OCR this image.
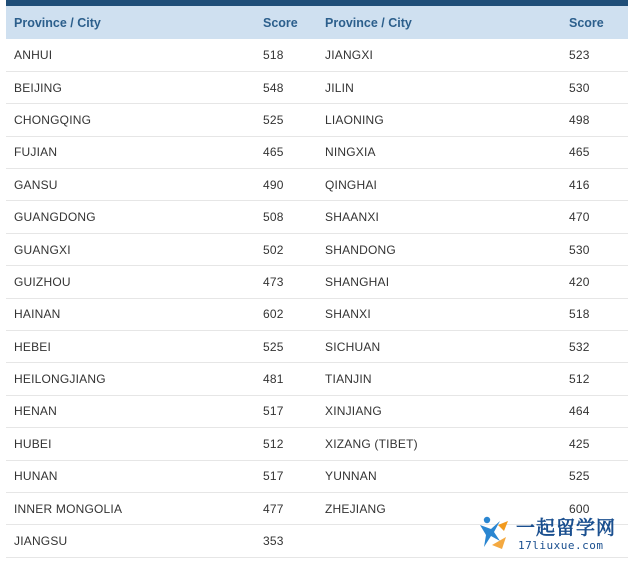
Province / City	Score	Province / City	Score
ANHUI	518	JIANGXI	523
BEIJING	548	JILIN	530
CHONGQING	525	LIAONING	498
FUJIAN	465	NINGXIA	465
GANSU	490	QINGHAI	416
GUANGDONG	508	SHAANXI	470
GUANGXI	502	SHANDONG	530
GUIZHOU	473	SHANGHAI	420
HAINAN	602	SHANXI	518
HEBEI	525	SICHUAN	532
HEILONGJIANG	481	TIANJIN	512
HENAN	517	XINJIANG	464
HUBEI	512	XIZANG (TIBET)	425
HUNAN	517	YUNNAN	525
INNER MONGOLIA	477	ZHEJIANG	600
JIANGSU	353		
一起留学网
17liuxue.com
